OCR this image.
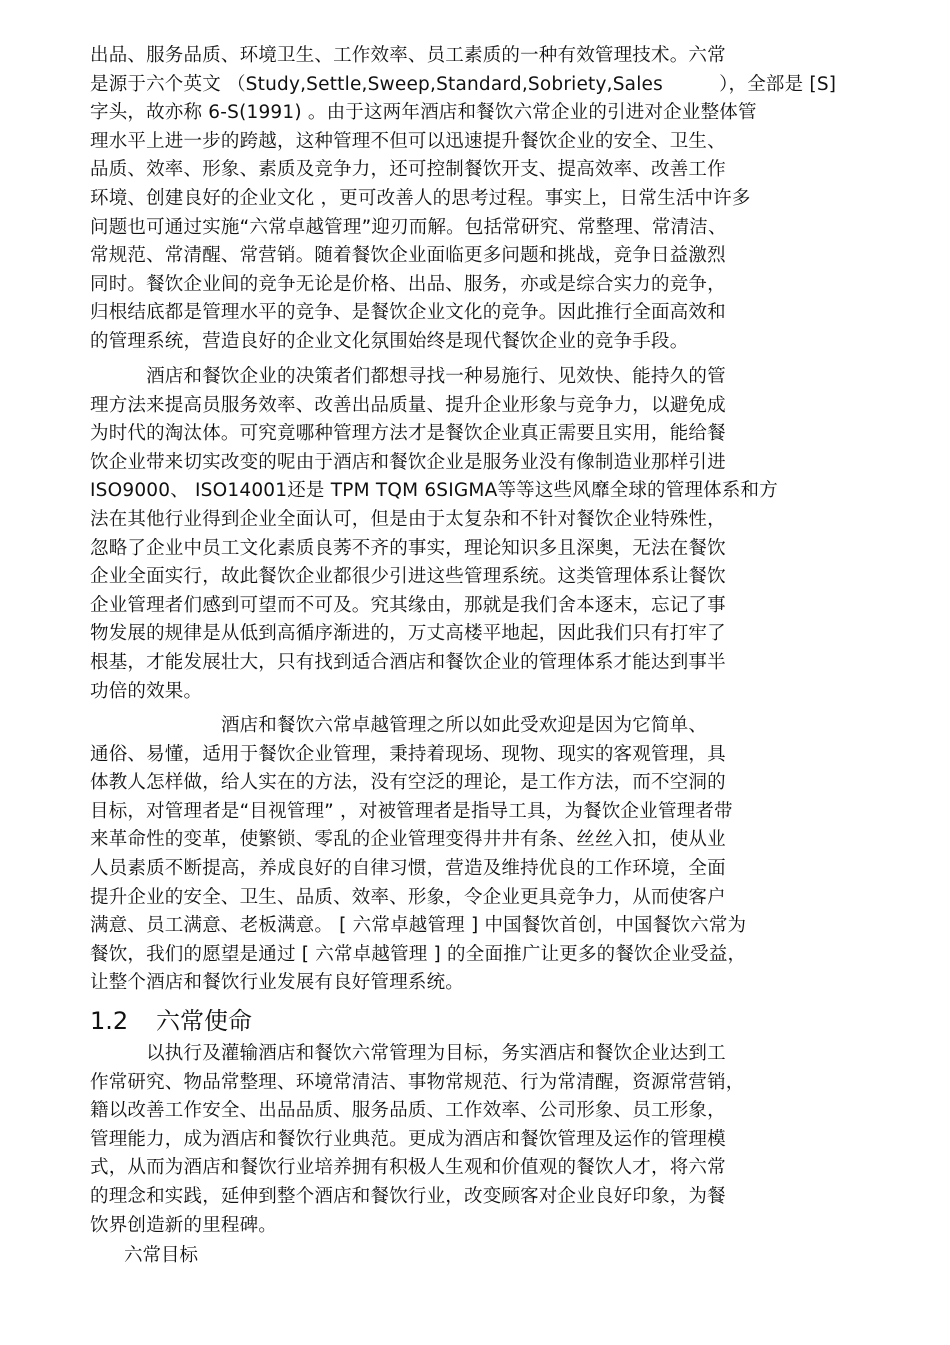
出品、服务品质、环境卫生、工作效率、员工素质的一种有效管理技术。六常
是源于六个英文 （Study,Settle,Sweep,Standard,Sobriety,Sales　　　），全部是 [S]
字头，故亦称 6-S(1991) 。由于这两年酒店和餐饮六常企业的引进对企业整体管
理水平上进一步的跨越，这种管理不但可以迅速提升餐饮企业的安全、卫生、
品质、效率、形象、素质及竞争力，还可控制餐饮开支、提高效率、改善工作
环境、创建良好的企业文化 ，更可改善人的思考过程。事实上，日常生活中许多
问题也可通过实施“六常卓越管理”迎刃而解。包括常研究、常整理、常清洁、
常规范、常清醒、常营销。随着餐饮企业面临更多问题和挑战，竞争日益激烈
同时。餐饮企业间的竞争无论是价格、出品、服务，亦或是综合实力的竞争，
归根结底都是管理水平的竞争、是餐饮企业文化的竞争。因此推行全面高效和
的管理系统，营造良好的企业文化氛围始终是现代餐饮企业的竞争手段。

　　　酒店和餐饮企业的决策者们都想寻找一种易施行、见效快、能持久的管
理方法来提高员服务效率、改善出品质量、提升企业形象与竞争力，以避免成
为时代的淘汰体。可究竟哪种管理方法才是餐饮企业真正需要且实用，能给餐
饮企业带来切实改变的呢由于酒店和餐饮企业是服务业没有像制造业那样引进
ISO9000、 ISO14001还是 TPM TQM 6SIGMA等等这些风靡全球的管理体系和方
法在其他行业得到企业全面认可，但是由于太复杂和不针对餐饮企业特殊性，
忽略了企业中员工文化素质良莠不齐的事实，理论知识多且深奥，无法在餐饮
企业全面实行，故此餐饮企业都很少引进这些管理系统。这类管理体系让餐饮
企业管理者们感到可望而不可及。究其缘由，那就是我们舍本逐末，忘记了事
物发展的规律是从低到高循序渐进的，万丈高楼平地起，因此我们只有打牢了
根基，才能发展壮大，只有找到适合酒店和餐饮企业的管理体系才能达到事半
功倍的效果。

　　　　　　　酒店和餐饮六常卓越管理之所以如此受欢迎是因为它简单、
通俗、易懂，适用于餐饮企业管理，秉持着现场、现物、现实的客观管理，具
体教人怎样做，给人实在的方法，没有空泛的理论，是工作方法，而不空洞的
目标，对管理者是“目视管理” ，对被管理者是指导工具，为餐饮企业管理者带
来革命性的变革，使繁锁、零乱的企业管理变得井井有条、丝丝入扣，使从业
人员素质不断提高，养成良好的自律习惯，营造及维持优良的工作环境，全面
提升企业的安全、卫生、品质、效率、形象，令企业更具竞争力，从而使客户
满意、员工满意、老板满意。 [ 六常卓越管理 ] 中国餐饮首创，中国餐饮六常为
餐饮，我们的愿望是通过 [ 六常卓越管理 ] 的全面推广让更多的餐饮企业受益，
让整个酒店和餐饮行业发展有良好管理系统。

1.2 六常使命

　　　以执行及灌输酒店和餐饮六常管理为目标，务实酒店和餐饮企业达到工
作常研究、物品常整理、环境常清洁、事物常规范、行为常清醒，资源常营销，
籍以改善工作安全、出品品质、服务品质、工作效率、公司形象、员工形象，
管理能力，成为酒店和餐饮行业典范。更成为酒店和餐饮管理及运作的管理模
式，从而为酒店和餐饮行业培养拥有积极人生观和价值观的餐饮人才，将六常
的理念和实践，延伸到整个酒店和餐饮行业，改变顾客对企业良好印象，为餐
饮界创造新的里程碑。

六常目标
